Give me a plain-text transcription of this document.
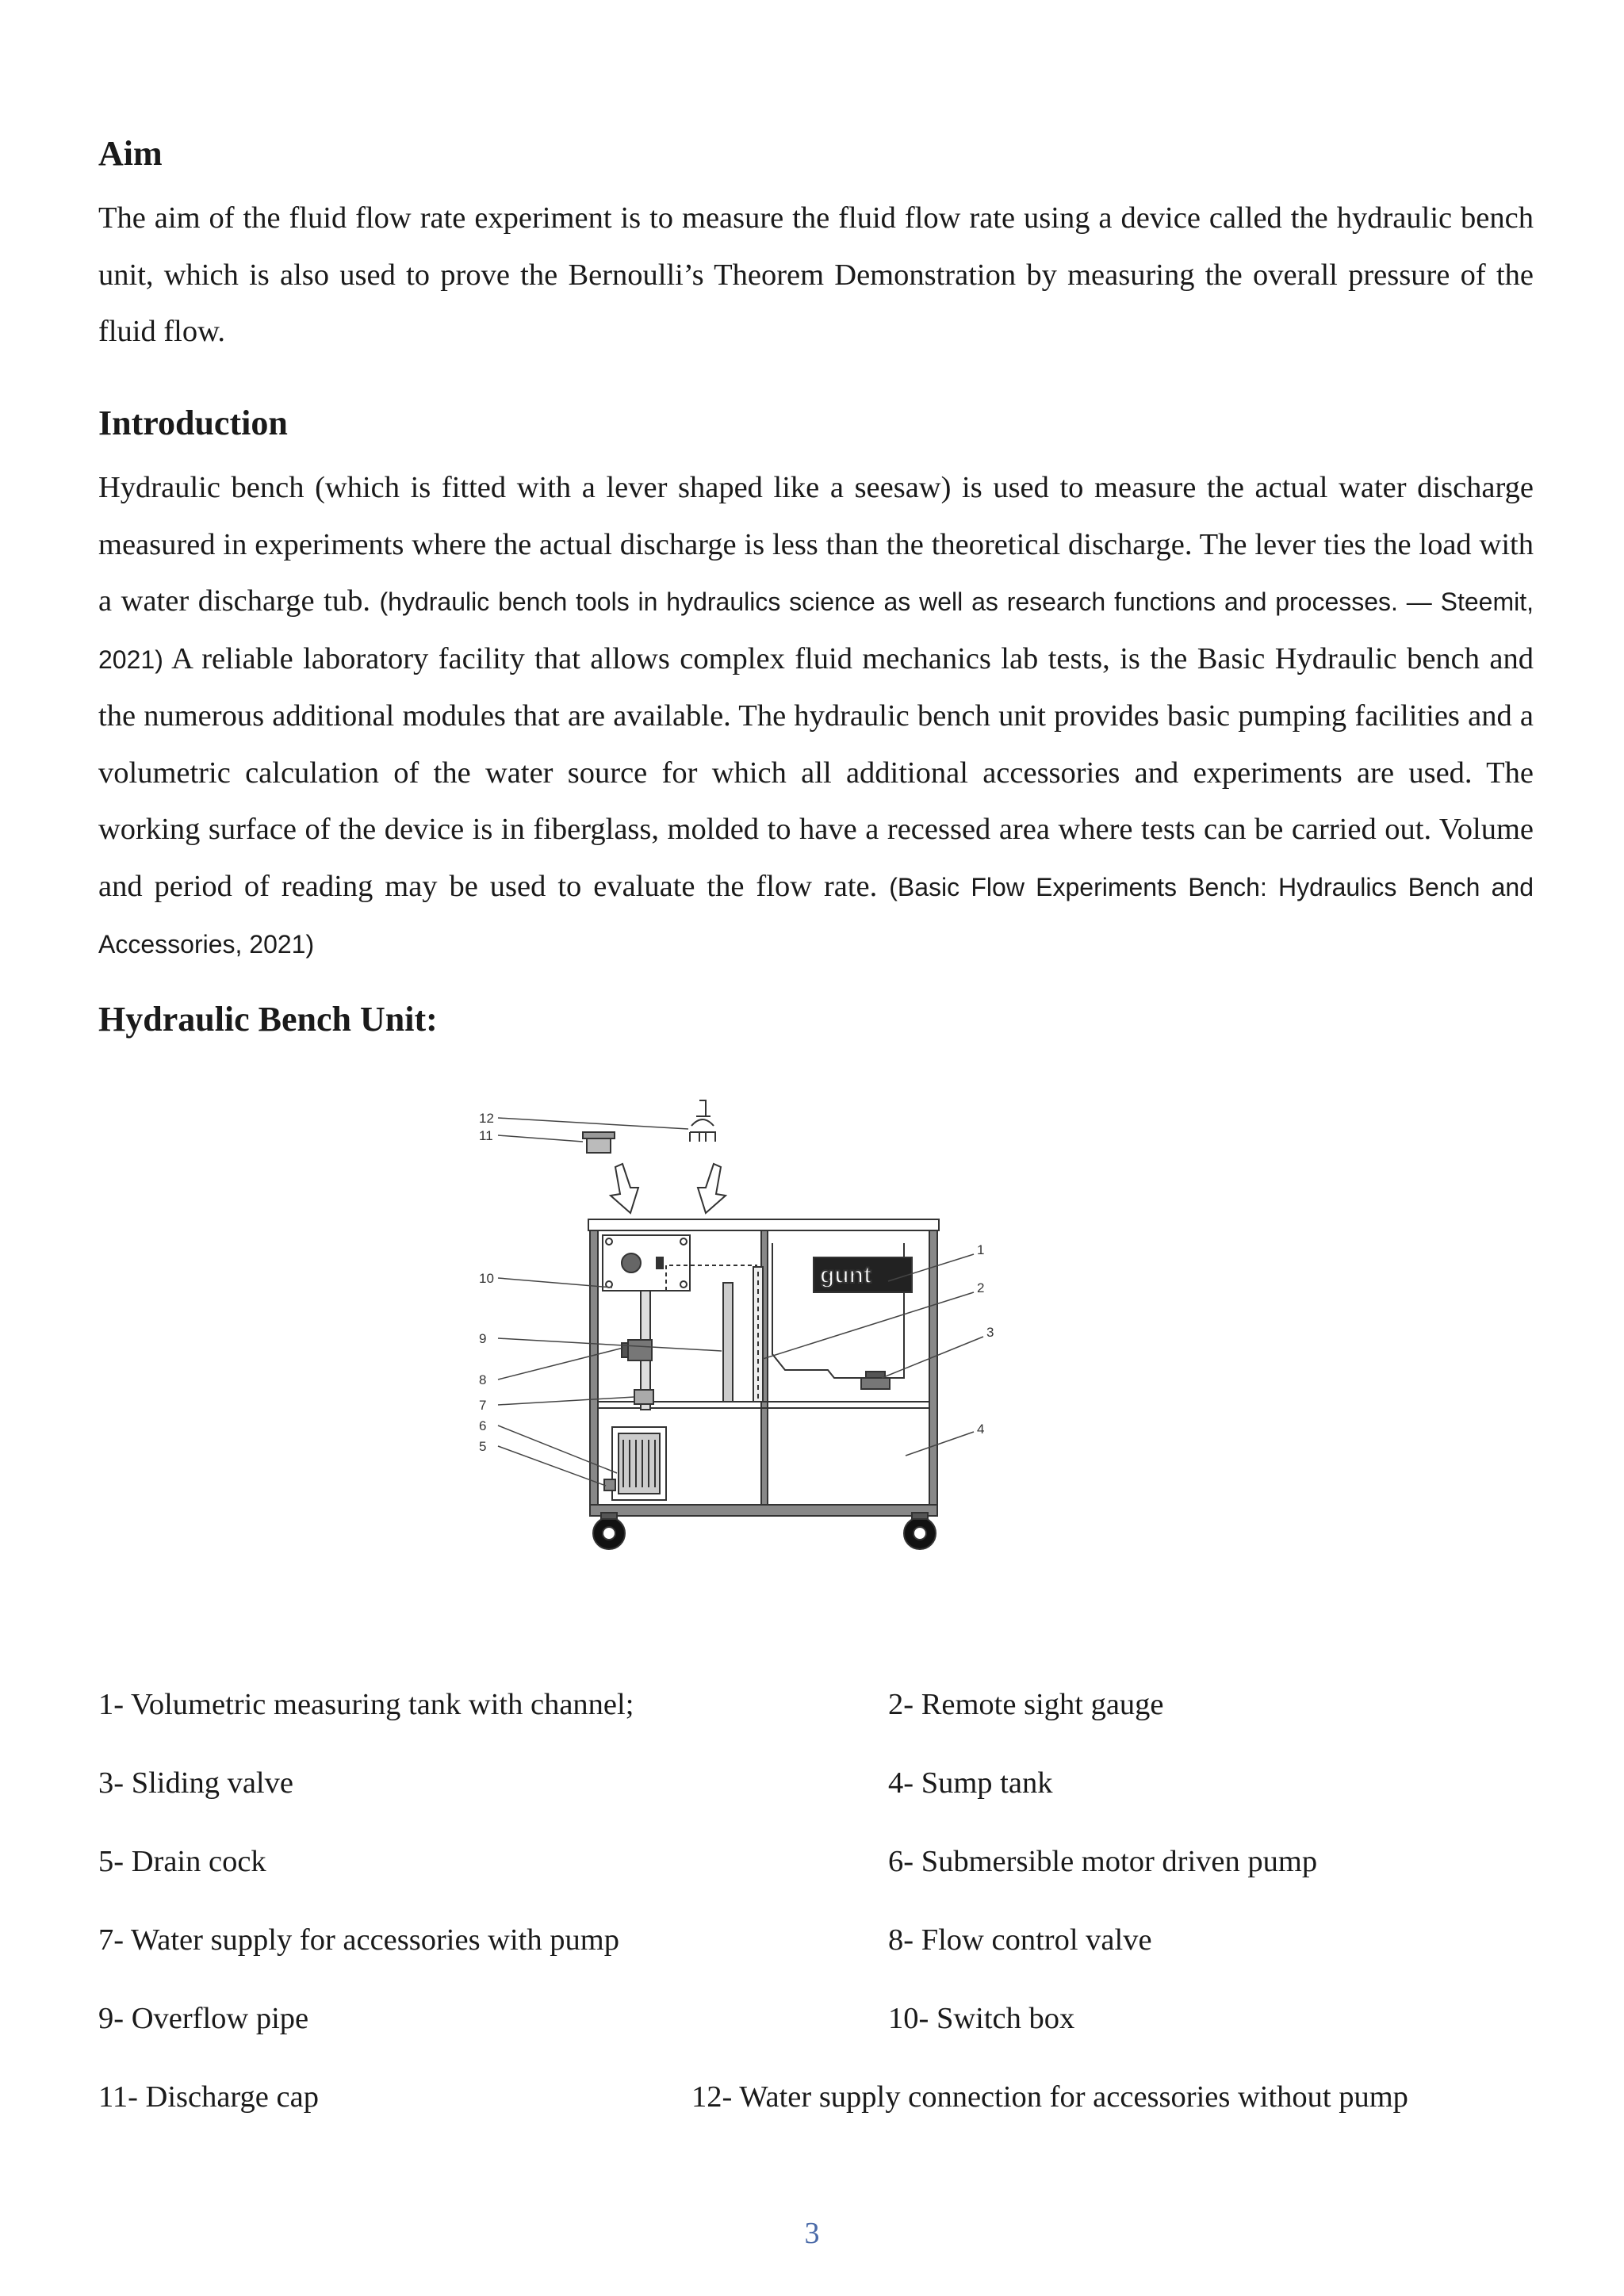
Aim

The aim of the fluid flow rate experiment is to measure the fluid flow rate using a device called the hydraulic bench unit, which is also used to prove the Bernoulli’s Theorem Demonstration by measuring the overall pressure of the fluid flow.

Introduction

Hydraulic bench (which is fitted with a lever shaped like a seesaw) is used to measure the actual water discharge measured in experiments where the actual discharge is less than the theoretical discharge. The lever ties the load with a water discharge tub. (hydraulic bench tools in hydraulics science as well as research functions and processes. — Steemit, 2021) A reliable laboratory facility that allows complex fluid mechanics lab tests, is the Basic Hydraulic bench and the numerous additional modules that are available. The hydraulic bench unit provides basic pumping facilities and a volumetric calculation of the water source for which all additional accessories and experiments are used. The working surface of the device is in fiberglass, molded to have a recessed area where tests can be carried out. Volume and period of reading may be used to evaluate the flow rate. (Basic Flow Experiments Bench: Hydraulics Bench and Accessories, 2021)

Hydraulic Bench Unit:
gunt
12
11
10
9
8
7
6
5
1
2
3
4

1- Volumetric measuring tank with channel;	2- Remote sight gauge

3- Sliding valve	4- Sump tank

5- Drain cock	6- Submersible motor driven pump

7- Water supply for accessories with pump	8- Flow control valve

9- Overflow pipe	10- Switch box

11- Discharge cap	12- Water supply connection for accessories without pump

3
